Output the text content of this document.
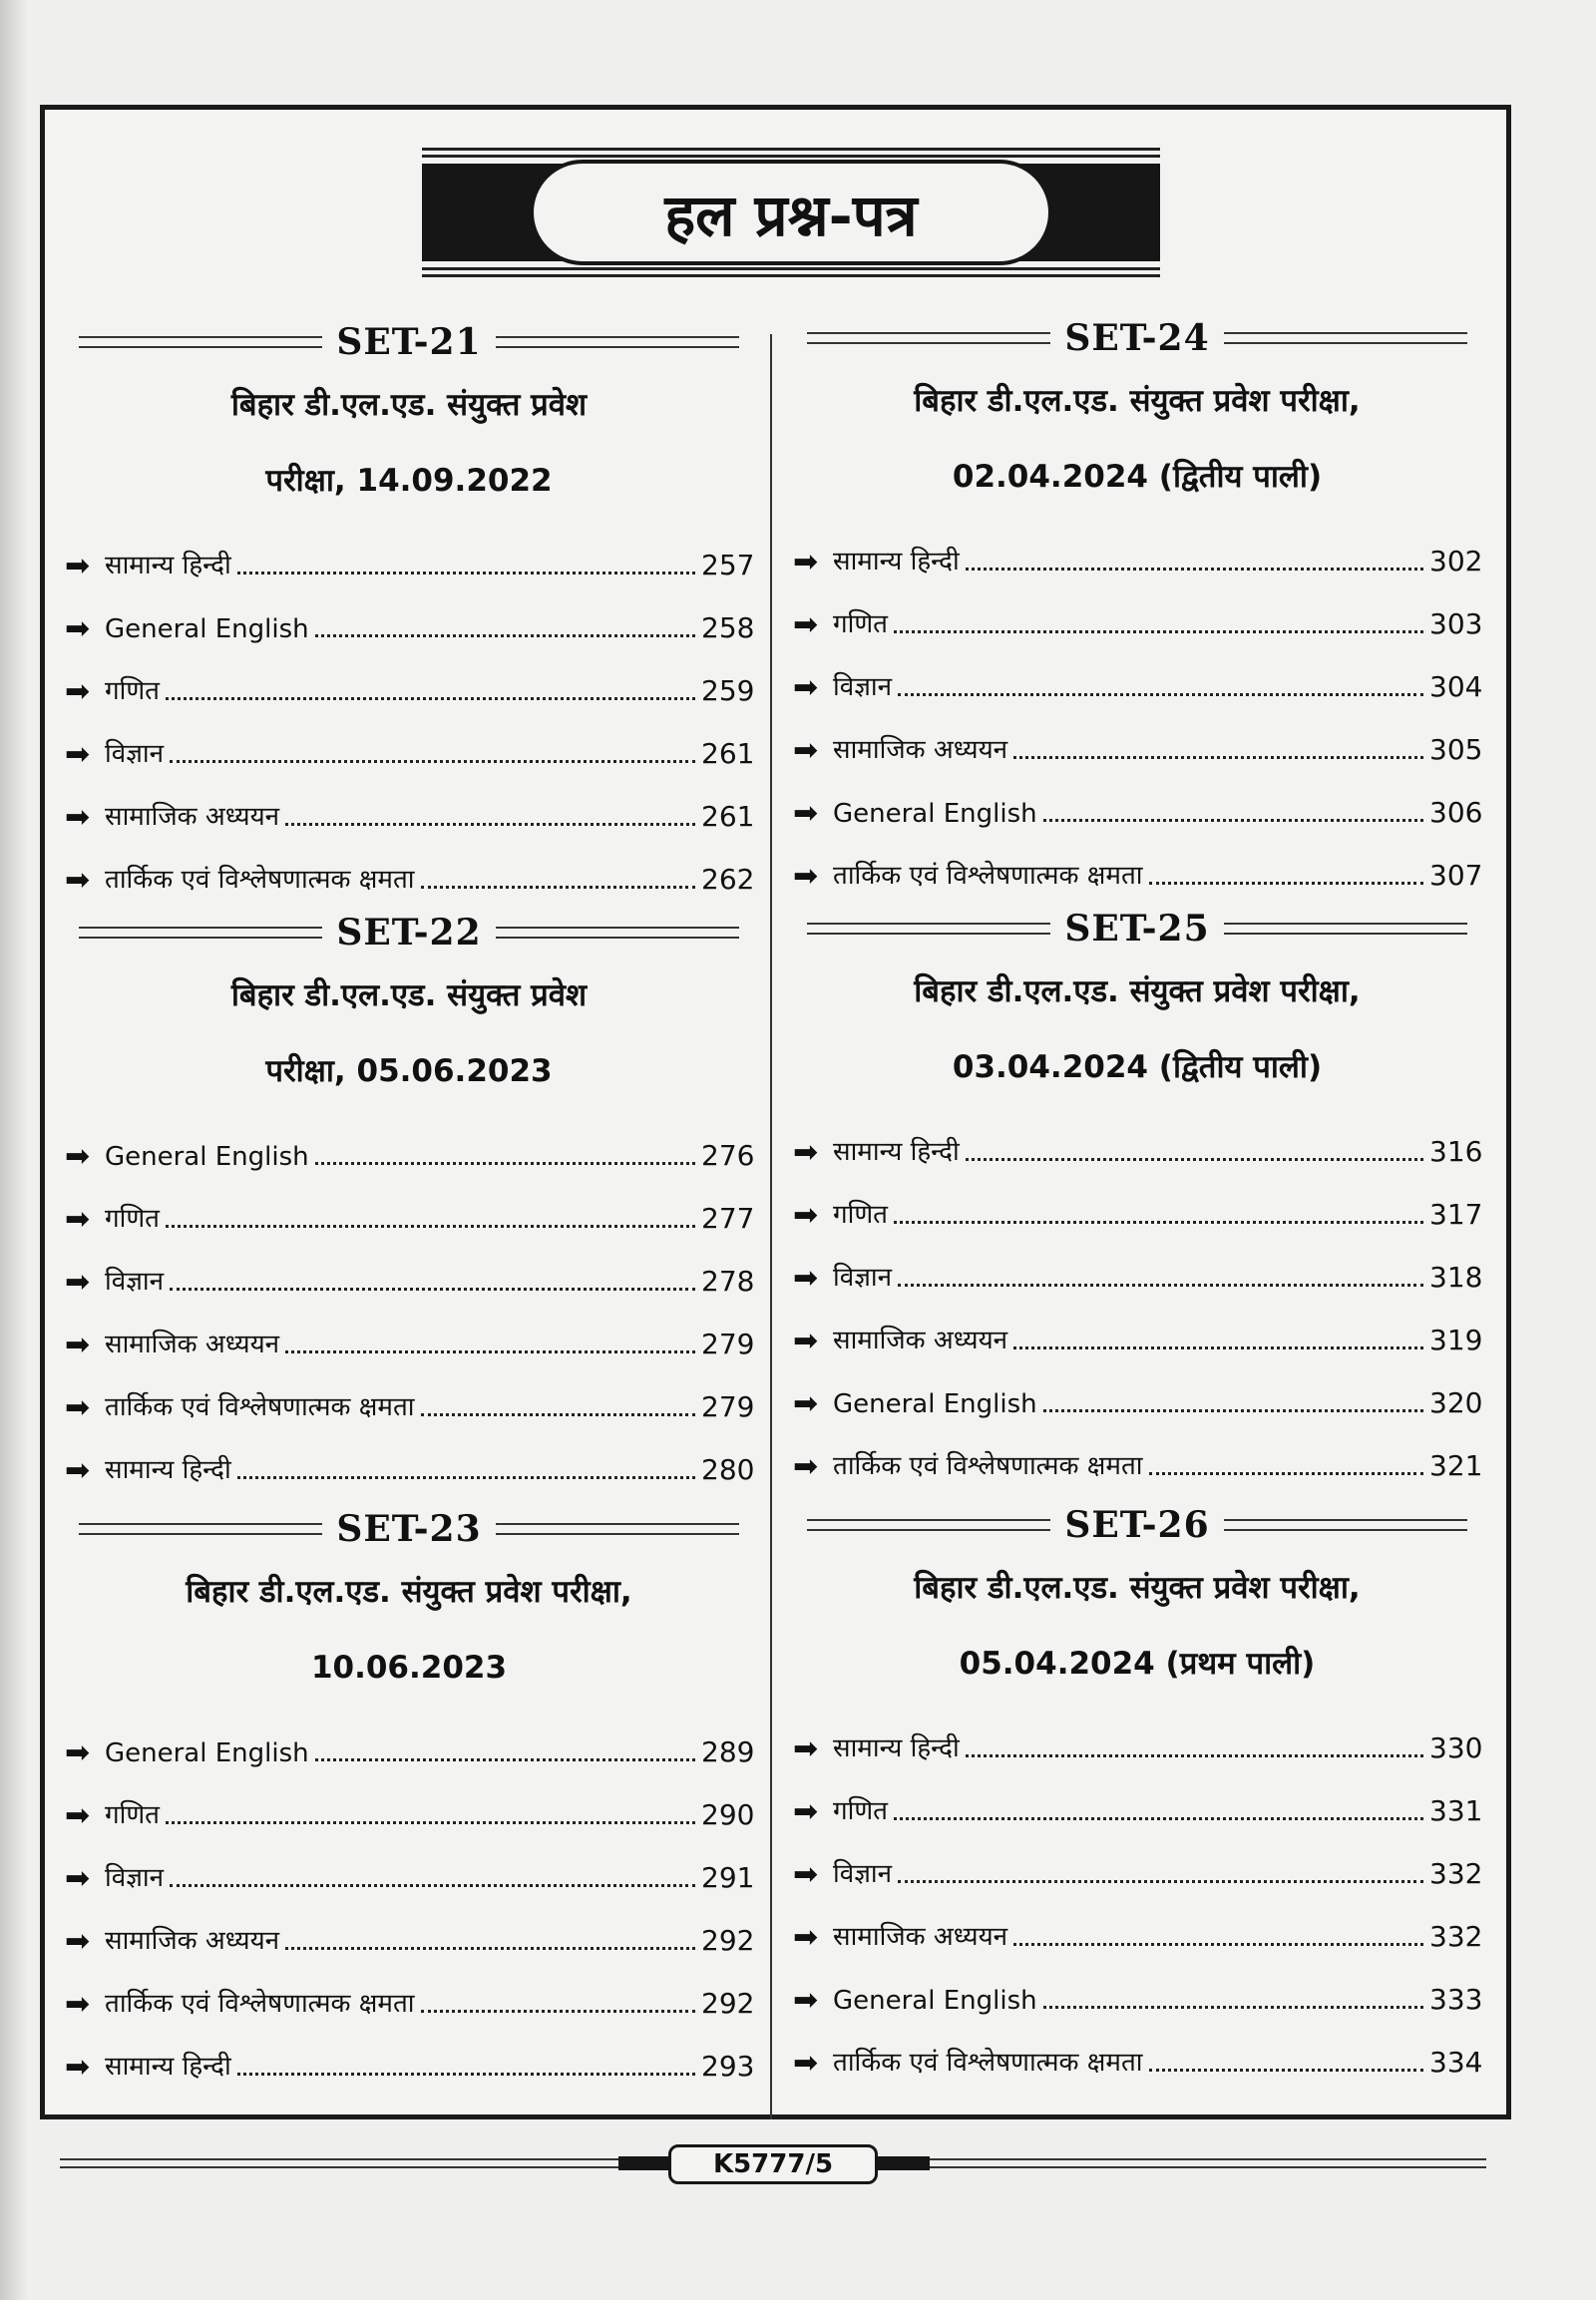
हल प्रश्न-पत्र
SET-21
बिहार डी.एल.एड. संयुक्त प्रवेश
परीक्षा, 14.09.2022
➡ सामान्य हिन्दी	257
➡ General English	258
➡ गणित	259
➡ विज्ञान	261
➡ सामाजिक अध्ययन	261
➡ तार्किक एवं विश्लेषणात्मक क्षमता	262
SET-22
बिहार डी.एल.एड. संयुक्त प्रवेश
परीक्षा, 05.06.2023
➡ General English	276
➡ गणित	277
➡ विज्ञान	278
➡ सामाजिक अध्ययन	279
➡ तार्किक एवं विश्लेषणात्मक क्षमता	279
➡ सामान्य हिन्दी	280
SET-23
बिहार डी.एल.एड. संयुक्त प्रवेश परीक्षा,
10.06.2023
➡ General English	289
➡ गणित	290
➡ विज्ञान	291
➡ सामाजिक अध्ययन	292
➡ तार्किक एवं विश्लेषणात्मक क्षमता	292
➡ सामान्य हिन्दी	293
SET-24
बिहार डी.एल.एड. संयुक्त प्रवेश परीक्षा,
02.04.2024 (द्वितीय पाली)
➡ सामान्य हिन्दी	302
➡ गणित	303
➡ विज्ञान	304
➡ सामाजिक अध्ययन	305
➡ General English	306
➡ तार्किक एवं विश्लेषणात्मक क्षमता	307
SET-25
बिहार डी.एल.एड. संयुक्त प्रवेश परीक्षा,
03.04.2024 (द्वितीय पाली)
➡ सामान्य हिन्दी	316
➡ गणित	317
➡ विज्ञान	318
➡ सामाजिक अध्ययन	319
➡ General English	320
➡ तार्किक एवं विश्लेषणात्मक क्षमता	321
SET-26
बिहार डी.एल.एड. संयुक्त प्रवेश परीक्षा,
05.04.2024 (प्रथम पाली)
➡ सामान्य हिन्दी	330
➡ गणित	331
➡ विज्ञान	332
➡ सामाजिक अध्ययन	332
➡ General English	333
➡ तार्किक एवं विश्लेषणात्मक क्षमता	334
K5777/5
